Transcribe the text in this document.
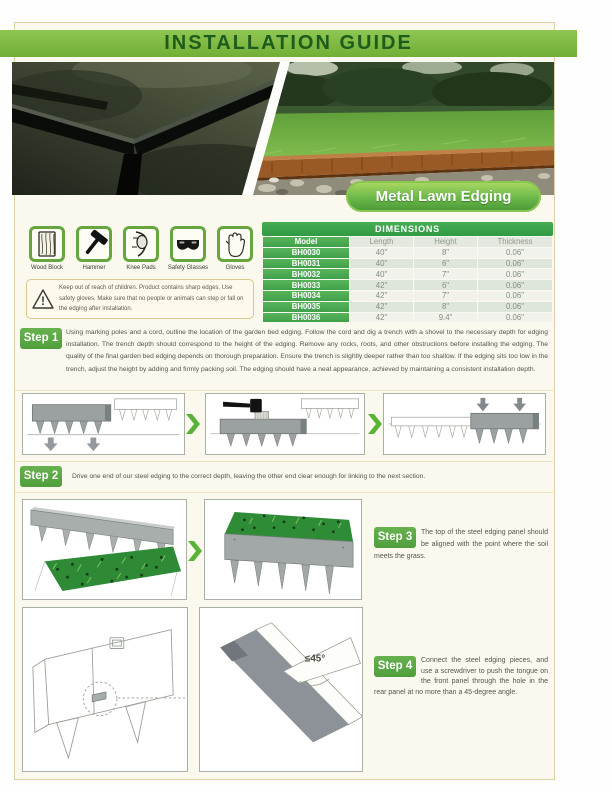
INSTALLATION GUIDE
Metal Lawn Edging
Wood Block	Hammer	Knee Pads	Safety Glasses	Gloves
!
Keep out of reach of children. Product contains sharp edges. Use safety gloves. Make sure that no people or animals can step or fall on the edging after installation.
DIMENSIONS
Model	Length	Height	Thickness
BH0030	40"	8"	0.06"
BH0031	40"	6"	0.06"
BH0032	40"	7"	0.06"
BH0033	42"	6"	0.06"
BH0034	42"	7"	0.06"
BH0035	42"	8"	0.06"
BH0036	42"	9.4"	0.06"
Step 1	Using marking poles and a cord, outline the location of the garden bed edging. Follow the cord and dig a trench with a shovel to the necessary depth for edging installation. The trench depth should correspond to the height of the edging. Remove any rocks, roots, and other obstructions before installing the edging. The quality of the final garden bed edging depends on thorough preparation. Ensure the trench is slightly deeper rather than too shallow. If the edging sits too low in the trench, adjust the height by adding and firmly packing soil. The edging should have a neat appearance, achieved by maintaining a consistent installation depth.
Step 2	Drive one end of our steel edging to the correct depth, leaving the other end clear enough for linking to the next section.
Step 3	The top of the steel edging panel should be aligned with the point where the soil meets the grass.
≤45°
Step 4	Connect the steel edging pieces, and use a screwdriver to push the tongue on the front panel through the hole in the rear panel at no more than a 45-degree angle.
